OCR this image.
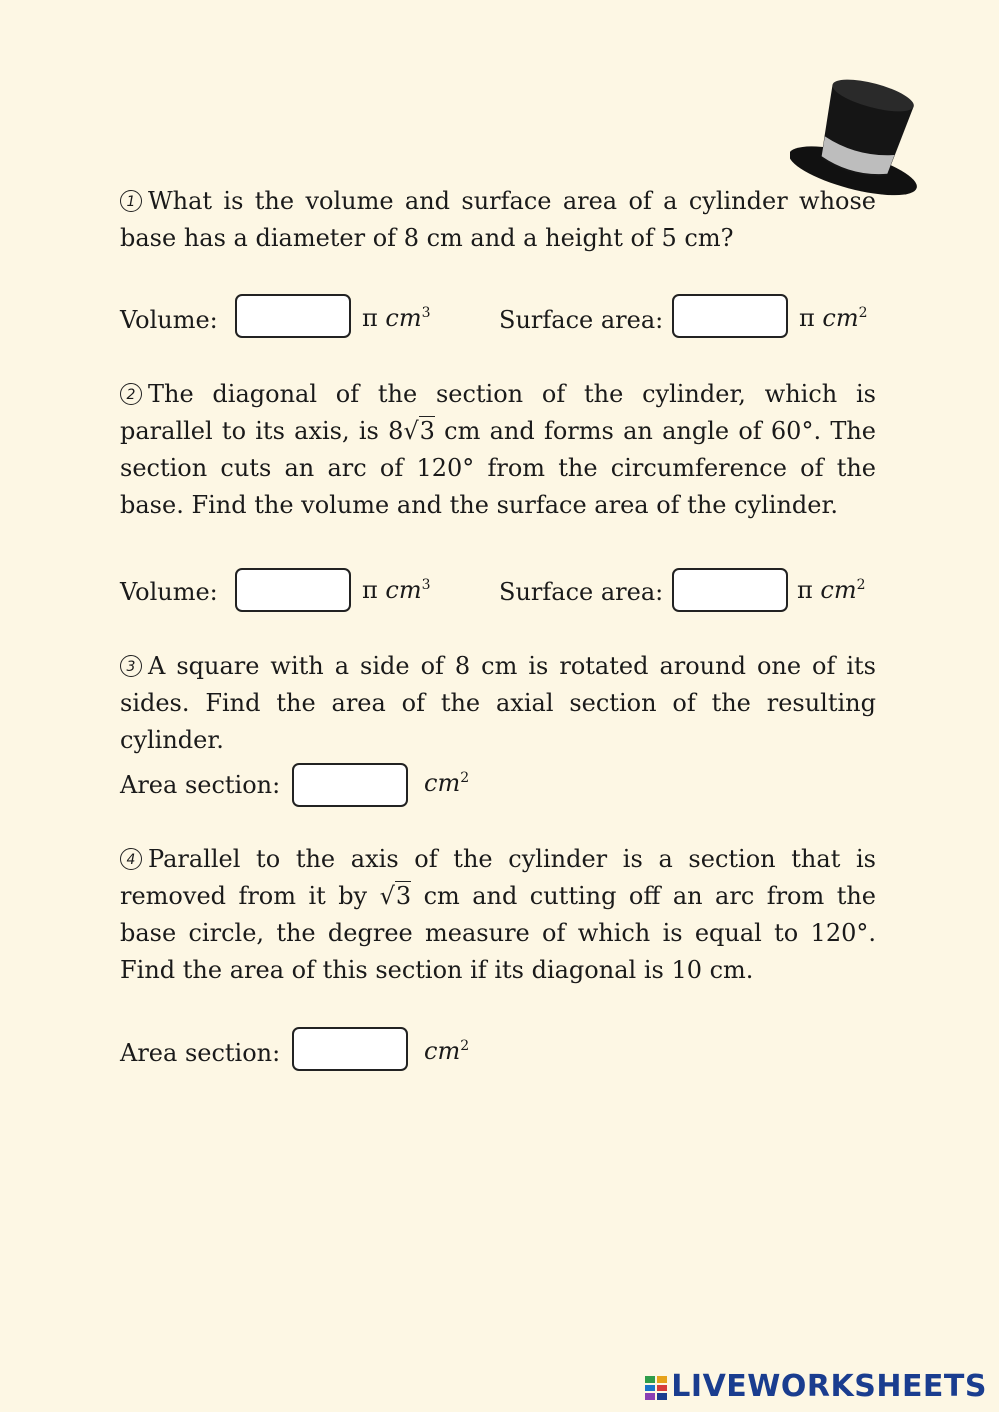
1 What is the volume and surface area of a cylinder whose base has a diameter of 8 cm and a height of 5 cm?
Volume:	π $cm^3$	Surface area:	π $cm^2$
2 The diagonal of the section of the cylinder, which is parallel to its axis, is 8√3 cm and forms an angle of 60°. The section cuts an arc of 120° from the circumference of the base. Find the volume and the surface area of the cylinder.
Volume:	π $cm^3$	Surface area:	π $cm^2$
3 A square with a side of 8 cm is rotated around one of its sides. Find the area of the axial section of the resulting cylinder.
Area section:	$cm^2$
4 Parallel to the axis of the cylinder is a section that is removed from it by √3 cm and cutting off an arc from the base circle, the degree measure of which is equal to 120°. Find the area of this section if its diagonal is 10 cm.
Area section:	$cm^2$
LIVEWORKSHEETS
